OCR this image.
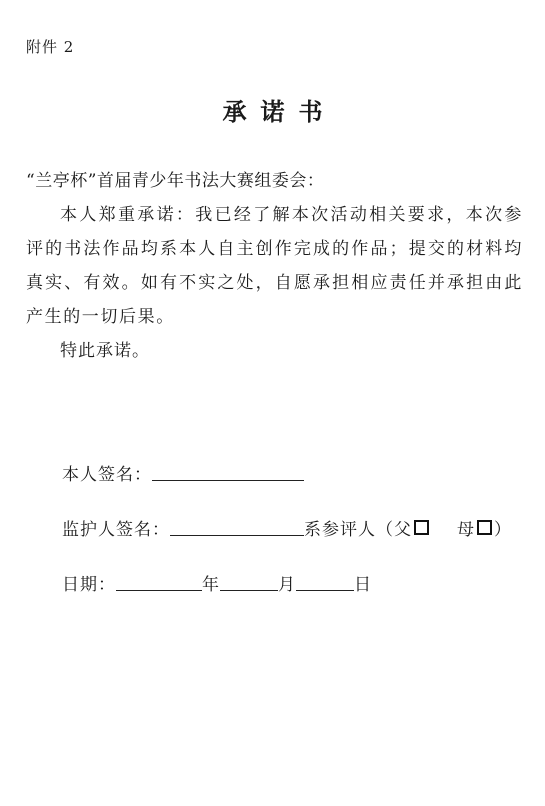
附件 2
承诺书

“兰亭杯”首届青少年书法大赛组委会：

本人郑重承诺：我已经了解本次活动相关要求，本次参评的书法作品均系本人自主创作完成的作品；提交的材料均真实、有效。如有不实之处，自愿承担相应责任并承担由此产生的一切后果。

特此承诺。

本人签名：
监护人签名：	系参评人（父	母 ）
日期：	年	月	日
